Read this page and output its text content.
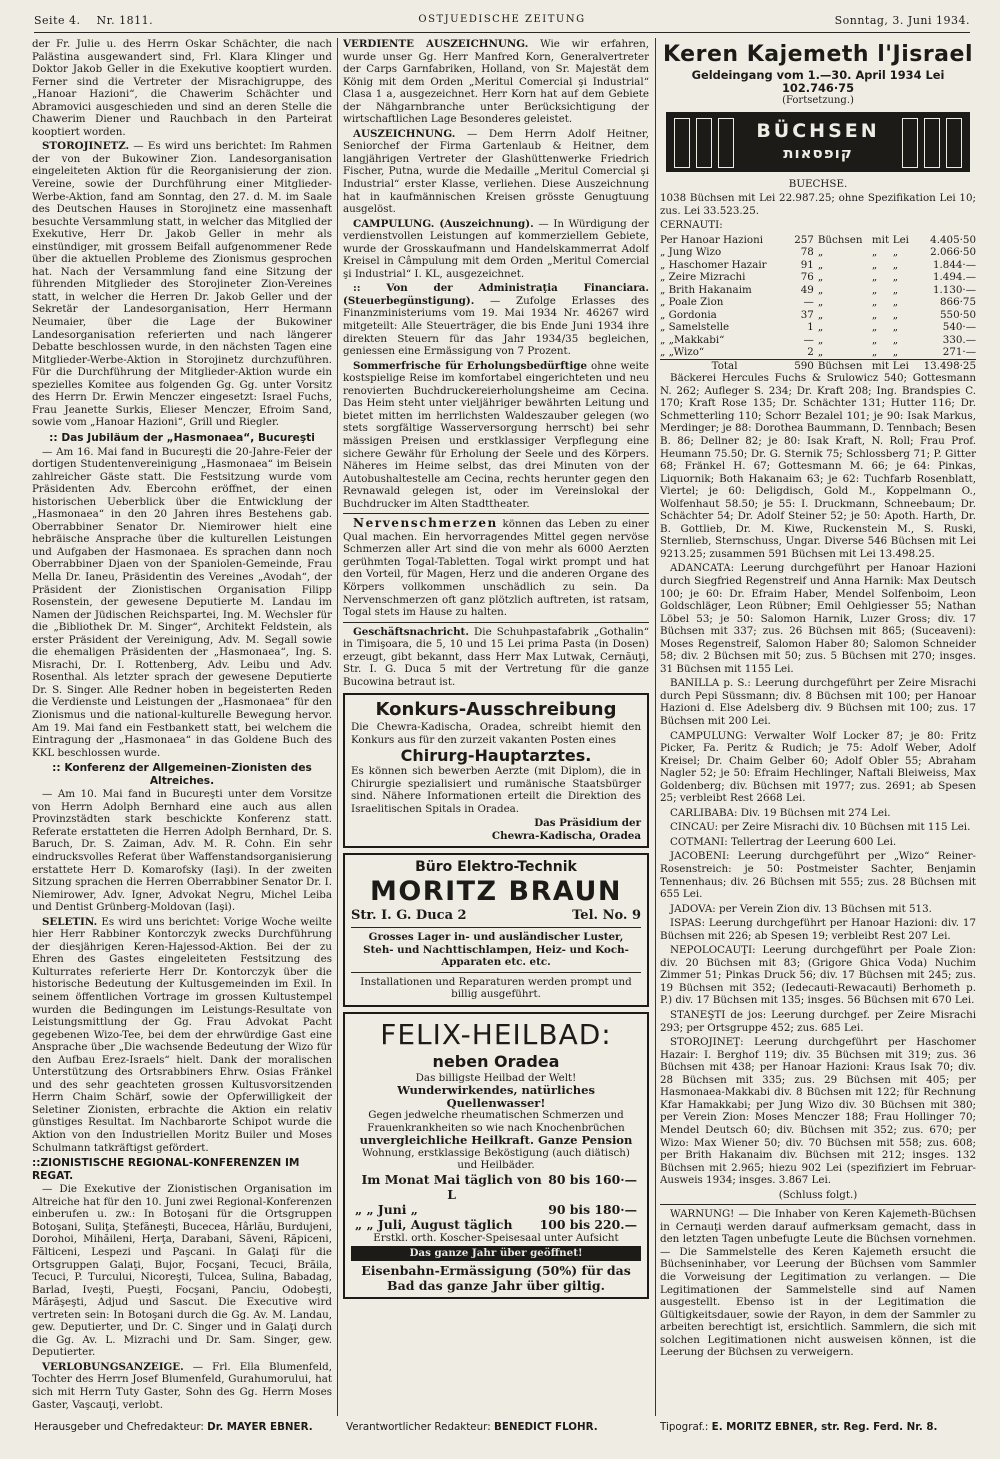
Seite 4. Nr. 1811.	OSTJUEDISCHE ZEITUNG	Sonntag, 3. Juni 1934.

der Fr. Julie u. des Herrn Oskar Schächter, die nach Palästina ausgewandert sind, Frl. Klara Klinger und Doktor Jakob Geller in die Exekutive kooptiert wurden. Ferner sind die Vertreter der Misrachigruppe, des „Hanoar Hazioni“, die Chawerim Schächter und Abramovici ausgeschieden und sind an deren Stelle die Chawerim Diener und Rauchbach in den Parteirat kooptiert worden.

STOROJINETZ. — Es wird uns berichtet: Im Rahmen der von der Bukowiner Zion. Landesorganisation eingeleiteten Aktion für die Reorganisierung der zion. Vereine, sowie der Durchführung einer Mitglieder-Werbe-Aktion, fand am Sonntag, den 27. d. M. im Saale des Deutschen Hauses in Storojinetz eine massenhaft besuchte Versammlung statt, in welcher das Mitglied der Exekutive, Herr Dr. Jakob Geller in mehr als einstündiger, mit grossem Beifall aufgenommener Rede über die aktuellen Probleme des Zionismus gesprochen hat. Nach der Versammlung fand eine Sitzung der führenden Mitglieder des Storojineter Zion-Vereines statt, in welcher die Herren Dr. Jakob Geller und der Sekretär der Landesorganisation, Herr Hermann Neumaier, über die Lage der Bukowiner Landesorganisation referierten und nach längerer Debatte beschlossen wurde, in den nächsten Tagen eine Mitglieder-Werbe-Aktion in Storojinetz durchzuführen. Für die Durchführung der Mitglieder-Aktion wurde ein spezielles Komitee aus folgenden Gg. Gg. unter Vorsitz des Herrn Dr. Erwin Menczer eingesetzt: Israel Fuchs, Frau Jeanette Surkis, Elieser Menczer, Efroim Sand, sowie vom „Hanoar Hazioni“, Grill und Riegler.

:: Das Jubiläum der „Hasmonaea“, Bucureşti

— Am 16. Mai fand in Bucureşti die 20-Jahre-Feier der dortigen Studentenvereinigung „Hasmonaea“ im Beisein zahlreicher Gäste statt. Die Festsitzung wurde vom Präsidenten Adv. Ebercohn eröffnet, der einen historischen Ueberblick über die Entwicklung der „Hasmonaea“ in den 20 Jahren ihres Bestehens gab. Oberrabbiner Senator Dr. Niemirower hielt eine hebräische Ansprache über die kulturellen Leistungen und Aufgaben der Hasmonaea. Es sprachen dann noch Oberrabbiner Djaen von der Spaniolen-Gemeinde, Frau Mella Dr. Ianeu, Präsidentin des Vereines „Avodah“, der Präsident der Zionistischen Organisation Filipp Rosenstein, der gewesene Deputierte M. Landau im Namen der Jüdischen Reichspartei, Ing. M. Wechsler für die „Bibliothek Dr. M. Singer“, Architekt Feldstein, als erster Präsident der Vereinigung, Adv. M. Segall sowie die ehemaligen Präsidenten der „Hasmonaea“, Ing. S. Misrachi, Dr. I. Rottenberg, Adv. Leibu und Adv. Rosenthal. Als letzter sprach der gewesene Deputierte Dr. S. Singer. Alle Redner hoben in begeisterten Reden die Verdienste und Leistungen der „Hasmonaea“ für den Zionismus und die national-kulturelle Bewegung hervor. Am 19. Mai fand ein Festbankett statt, bei welchem die Eintragung der „Hasmonaea“ in das Goldene Buch des KKL beschlossen wurde.

:: Konferenz der Allgemeinen-Zionisten des Altreiches.

— Am 10. Mai fand in Bucureşti unter dem Vorsitze von Herrn Adolph Bernhard eine auch aus allen Provinzstädten stark beschickte Konferenz statt. Referate erstatteten die Herren Adolph Bernhard, Dr. S. Baruch, Dr. S. Zaiman, Adv. M. R. Cohn. Ein sehr eindrucksvolles Referat über Waffenstandsorganisierung erstattete Herr D. Komarofsky (Iaşi). In der zweiten Sitzung sprachen die Herren Oberrabbiner Senator Dr. I. Niemirower, Adv. Igner, Advokat Negru, Michel Leiba und Dentist Grünberg-Moldovan (Iaşi).

SELETIN. Es wird uns berichtet: Vorige Woche weilte hier Herr Rabbiner Kontorczyk zwecks Durchführung der diesjährigen Keren-Hajessod-Aktion. Bei der zu Ehren des Gastes eingeleiteten Festsitzung des Kulturrates referierte Herr Dr. Kontorczyk über die historische Bedeutung der Kultusgemeinden im Exil. In seinem öffentlichen Vortrage im grossen Kultustempel wurden die Bedingungen im Leistungs-Resultate von Leistungsmittlung der Gg. Frau Advokat Pacht gegebenen Wizo-Tee, bei dem der ehrwürdige Gast eine Ansprache über „Die wachsende Bedeutung der Wizo für den Aufbau Erez-Israels“ hielt. Dank der moralischen Unterstützung des Ortsrabbiners Ehrw. Osias Fränkel und des sehr geachteten grossen Kultusvorsitzenden Herrn Chaim Schärf, sowie der Opferwilligkeit der Seletiner Zionisten, erbrachte die Aktion ein relativ günstiges Resultat. Im Nachbarorte Schipot wurde die Aktion von den Industriellen Moritz Builer und Moses Schulmann tatkräftigst gefördert.

::ZIONISTISCHE REGIONAL-KONFERENZEN IM REGAT.

— Die Exekutive der Zionistischen Organisation im Altreiche hat für den 10. Juni zwei Regional-Konferenzen einberufen u. zw.: In Botoşani für die Ortsgruppen Botoşani, Suliţa, Ştefăneşti, Bucecea, Hârlău, Burdujeni, Dorohoi, Mihăileni, Herţa, Darabani, Săveni, Răpiceni, Fălticeni, Lespezi und Paşcani. In Galaţi für die Ortsgruppen Galaţi, Bujor, Focşani, Tecuci, Brăila, Tecuci, P. Turcului, Nicoreşti, Tulcea, Sulina, Babadag, Barlad, Iveşti, Pueşti, Focşani, Panciu, Odobeşti, Mărăşeşti, Adjud und Sascut. Die Executive wird vertreten sein: In Botoşani durch die Gg. Av. M. Landau, gew. Deputierter, und Dr. C. Singer und in Galaţi durch die Gg. Av. L. Mizrachi und Dr. Sam. Singer, gew. Deputierter.

VERLOBUNGSANZEIGE. — Frl. Ella Blumenfeld, Tochter des Herrn Josef Blumenfeld, Gurahumorului, hat sich mit Herrn Tuty Gaster, Sohn des Gg. Herrn Moses Gaster, Vaşcauţi, verlobt.

VERDIENTE AUSZEICHNUNG. Wie wir erfahren, wurde unser Gg. Herr Manfred Korn, Generalvertreter der Carps Garnfabriken, Holland, von Sr. Majestät dem König mit dem Orden „Meritul Comercial şi Industrial“ Clasa 1 a, ausgezeichnet. Herr Korn hat auf dem Gebiete der Nähgarnbranche unter Berücksichtigung der wirtschaftlichen Lage Besonderes geleistet.

AUSZEICHNUNG. — Dem Herrn Adolf Heitner, Seniorchef der Firma Gartenlaub & Heitner, dem langjährigen Vertreter der Glashüttenwerke Friedrich Fischer, Putna, wurde die Medaille „Meritul Comercial şi Industrial“ erster Klasse, verliehen. Diese Auszeichnung hat in kaufmännischen Kreisen grösste Genugtuung ausgelöst.

CAMPULUNG. (Auszeichnung). — In Würdigung der verdienstvollen Leistungen auf kommerziellem Gebiete, wurde der Grosskaufmann und Handelskammerrat Adolf Kreisel in Câmpulung mit dem Orden „Meritul Comercial şi Industrial“ I. KL, ausgezeichnet.

:: Von der Administraţia Financiara. (Steuerbegünstigung). — Zufolge Erlasses des Finanzministeriums vom 19. Mai 1934 Nr. 46267 wird mitgeteilt: Alle Steuerträger, die bis Ende Juni 1934 ihre direkten Steuern für das Jahr 1934/35 begleichen, geniessen eine Ermässigung von 7 Prozent.

Sommerfrische für Erholungsbedürftige ohne weite kostspielige Reise im komfortabel eingerichteten und neu renovierten Buchdruckereierholungsheime am Cecina. Das Heim steht unter vieljähriger bewährten Leitung und bietet mitten im herrlichsten Waldeszauber gelegen (wo stets sorgfältige Wasserversorgung herrscht) bei sehr mässigen Preisen und erstklassiger Verpflegung eine sichere Gewähr für Erholung der Seele und des Körpers. Näheres im Heime selbst, das drei Minuten von der Autobushaltestelle am Cecina, rechts herunter gegen den Revnawald gelegen ist, oder im Vereinslokal der Buchdrucker im Alten Stadttheater.

Nervenschmerzen können das Leben zu einer Qual machen. Ein hervorragendes Mittel gegen nervöse Schmerzen aller Art sind die von mehr als 6000 Aerzten gerühmten Togal-Tabletten. Togal wirkt prompt und hat den Vorteil, für Magen, Herz und die anderen Organe des Körpers vollkommen unschädlich zu sein. Da Nervenschmerzen oft ganz plötzlich auftreten, ist ratsam, Togal stets im Hause zu halten.

Geschäftsnachricht. Die Schuhpastafabrik „Gothalin“ in Timişoara, die 5, 10 und 15 Lei prima Pasta (in Dosen) erzeugt, gibt bekannt, dass Herr Max Lutwak, Cernăuţi, Str. I. G. Duca 5 mit der Vertretung für die ganze Bucowina betraut ist.

Konkurs-Ausschreibung

Die Chewra-Kadischa, Oradea, schreibt hiemit den Konkurs aus für den zurzeit vakanten Posten eines

Chirurg-Hauptarztes.

Es können sich bewerben Aerzte (mit Diplom), die in Chirurgie spezialisiert und rumänische Staatsbürger sind. Nähere Informationen erteilt die Direktion des Israelitischen Spitals in Oradea.

Das Präsidium der

Chewra-Kadischa, Oradea

Büro Elektro-Technik

MORITZ BRAUN

Str. I. G. Duca 2	Tel. No. 9

Grosses Lager in- und ausländischer Luster,

Steh- und Nachttischlampen, Heiz- und Koch-Apparaten etc. etc.

Installationen und Reparaturen werden prompt und billig ausgeführt.

FELIX-HEILBAD:

neben Oradea

Das billigste Heilbad der Welt!

Wunderwirkendes, natürliches Quellenwasser!

Gegen jedwelche rheumatischen Schmerzen und Frauenkrankheiten so wie nach Knochenbrüchen

unvergleichliche Heilkraft. Ganze Pension

Wohnung, erstklassige Beköstigung (auch diätisch) und Heilbäder.

Im Monat Mai täglich von L
80 bis 160·—
„ „ Juni „	90 bis 180·—
„ „ Juli, August täglich 100 bis 220.—

Erstkl. orth. Koscher-Speisesaal unter Aufsicht

Das ganze Jahr über geöffnet!

Eisenbahn-Ermässigung (50%) für das Bad das ganze Jahr über giltig.

Keren Kajemeth l'Jisrael
Geldeingang vom 1.—30. April 1934 Lei 102.746·75
(Fortsetzung.)
BÜCHSEN
קופסאות

BUECHSE.

1038 Büchsen mit Lei 22.987.25; ohne Spezifikation Lei 10; zus. Lei 33.523.25.

CERNAUTI:

Per Hanoar Hazioni	257	Büchsen	mit	Lei	4.405·50
„ Jung Wizo	78	„	„	„	2.066·50
„ Haschomer Hazair	91	„	„	„	1.844·—
„ Zeire Mizrachi	76	„	„	„	1.494.—
„ Brith Hakanaim	49	„	„	„	1.130·—
„ Poale Zion	—	„	„	„	866·75
„ Gordonia	37	„	„	„	550·50
„ Samelstelle	1	„	„	„	540·—
„ „Makkabi“	—	„	„	„	330.—
„ „Wizo“	2	„	„	„	271·—
Total	590	Büchsen	mit	Lei	13.498·25

Bäckerei Hercules Fuchs & Srulowicz 540; Gottesmann N. 262; Aufleger S. 234; Dr. Kraft 208; Ing. Brandspies C. 170; Kraft Rose 135; Dr. Schächter 131; Hutter 116; Dr. Schmetterling 110; Schorr Bezalel 101; je 90: Isak Markus, Merdinger; je 88: Dorothea Baummann, D. Tennbach; Besen B. 86; Dellner 82; je 80: Isak Kraft, N. Roll; Frau Prof. Heumann 75.50; Dr. G. Sternik 75; Schlossberg 71; P. Gitter 68; Fränkel H. 67; Gottesmann M. 66; je 64: Pinkas, Liquornik; Both Hakanaim 63; je 62: Tuchfarb Rosenblatt, Viertel; je 60: Deligdisch, Gold M., Koppelmann O., Wolfenhaut 58.50; je 55: I. Druckmann, Schneebaum; Dr. Schächter 54; Dr. Adolf Steiner 52; je 50: Apoth. Harth, Dr. B. Gottlieb, Dr. M. Kiwe, Ruckenstein M., S. Ruski, Sternlieb, Sternschuss, Ungar. Diverse 546 Büchsen mit Lei 9213.25; zusammen 591 Büchsen mit Lei 13.498.25.

ADANCATA: Leerung durchgeführt per Hanoar Hazioni durch Siegfried Regenstreif und Anna Harnik: Max Deutsch 100; je 60: Dr. Efraim Haber, Mendel Solfenboim, Leon Goldschläger, Leon Rübner; Emil Oehlgiesser 55; Nathan Löbel 53; je 50: Salomon Harnik, Luzer Gross; div. 17 Büchsen mit 337; zus. 26 Büchsen mit 865; (Suceaveni): Moses Regenstreif, Salomon Haber 80; Salomon Schneider 58; div. 2 Büchsen mit 50; zus. 5 Büchsen mit 270; insges. 31 Büchsen mit 1155 Lei.

BANILLA p. S.: Leerung durchgeführt per Zeire Misrachi durch Pepi Süssmann; div. 8 Büchsen mit 100; per Hanoar Hazioni d. Else Adelsberg div. 9 Büchsen mit 100; zus. 17 Büchsen mit 200 Lei.

CAMPULUNG: Verwalter Wolf Locker 87; je 80: Fritz Picker, Fa. Peritz & Rudich; je 75: Adolf Weber, Adolf Kreisel; Dr. Chaim Gelber 60; Adolf Obler 55; Abraham Nagler 52; je 50: Efraim Hechlinger, Naftali Bleiweiss, Max Goldenberg; div. Büchsen mit 1977; zus. 2691; ab Spesen 25; verbleibt Rest 2668 Lei.

CARLIBABA: Div. 19 Büchsen mit 274 Lei.

CINCAU: per Zeire Misrachi div. 10 Büchsen mit 115 Lei.

COTMANI: Tellertrag der Leerung 600 Lei.

JACOBENI: Leerung durchgeführt per „Wizo“ Reiner-Rosenstreich: je 50: Postmeister Sachter, Benjamin Tennenhaus; div. 26 Büchsen mit 555; zus. 28 Büchsen mit 655 Lei.

JADOVA: per Verein Zion div. 13 Büchsen mit 513.

ISPAS: Leerung durchgeführt per Hanoar Hazioni: div. 17 Büchsen mit 226; ab Spesen 19; verbleibt Rest 207 Lei.

NEPOLOCAUŢI: Leerung durchgeführt per Poale Zion: div. 20 Büchsen mit 83; (Grigore Ghica Voda) Nuchim Zimmer 51; Pinkas Druck 56; div. 17 Büchsen mit 245; zus. 19 Büchsen mit 352; (Iedecauti-Rewacauti) Berhometh p. P.) div. 17 Büchsen mit 135; insges. 56 Büchsen mit 670 Lei.

STANEŞTI de jos: Leerung durchgef. per Zeire Misrachi 293; per Ortsgruppe 452; zus. 685 Lei.

STOROJINEŢ: Leerung durchgeführt per Haschomer Hazair: I. Berghof 119; div. 35 Büchsen mit 319; zus. 36 Büchsen mit 438; per Hanoar Hazioni: Kraus Isak 70; div. 28 Büchsen mit 335; zus. 29 Büchsen mit 405; per Hasmonaea-Makkabi div. 8 Büchsen mit 122; für Rechnung Kfar Hamakkabi; per Jung Wizo div. 30 Büchsen mit 380; per Verein Zion: Moses Menczer 188; Frau Hollinger 70; Mendel Deutsch 60; div. Büchsen mit 352; zus. 670; per Wizo: Max Wiener 50; div. 70 Büchsen mit 558; zus. 608; per Brith Hakanaim div. Büchsen mit 212; insges. 132 Büchsen mit 2.965; hiezu 902 Lei (spezifiziert im Februar-Ausweis 1934; insges. 3.867 Lei.

(Schluss folgt.)

WARNUNG! — Die Inhaber von Keren Kajemeth-Büchsen in Cernauţi werden darauf aufmerksam gemacht, dass in den letzten Tagen unbefugte Leute die Büchsen vornehmen. — Die Sammelstelle des Keren Kajemeth ersucht die Büchseninhaber, vor Leerung der Büchsen vom Sammler die Vorweisung der Legitimation zu verlangen. — Die Legitimationen der Sammelstelle sind auf Namen ausgestellt. Ebenso ist in der Legitimation die Gültigkeitsdauer, sowie der Rayon, in dem der Sammler zu arbeiten berechtigt ist, ersichtlich. Sammlern, die sich mit solchen Legitimationen nicht ausweisen können, ist die Leerung der Büchsen zu verweigern.

Herausgeber und Chefredakteur: Dr. MAYER EBNER.	Verantwortlicher Redakteur: BENEDICT FLOHR.	Tipograf.: E. MORITZ EBNER, str. Reg. Ferd. Nr. 8.
